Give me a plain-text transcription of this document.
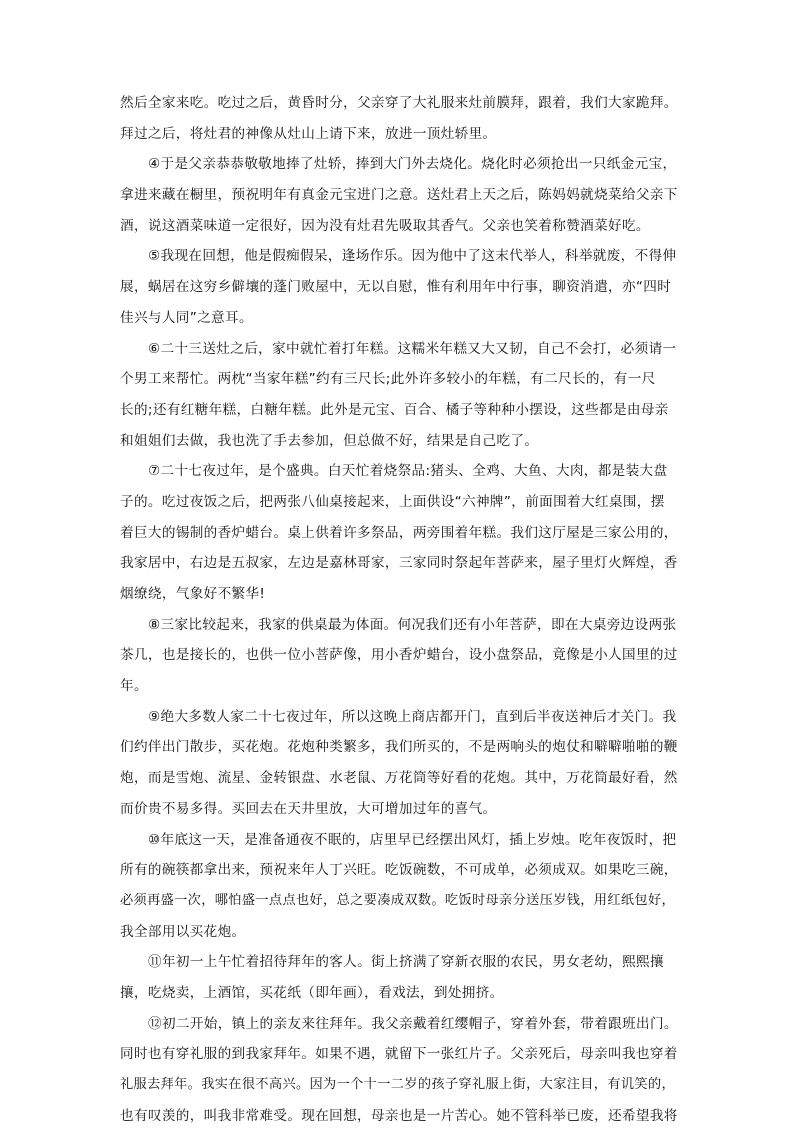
然后全家来吃。吃过之后，黄昏时分，父亲穿了大礼服来灶前膜拜，跟着，我们大家跪拜。
拜过之后，将灶君的神像从灶山上请下来，放进一顶灶轿里。
④于是父亲恭恭敬敬地捧了灶轿，捧到大门外去烧化。烧化时必须抢出一只纸金元宝，
拿进来藏在橱里，预祝明年有真金元宝进门之意。送灶君上天之后，陈妈妈就烧菜给父亲下
酒，说这酒菜味道一定很好，因为没有灶君先吸取其香气。父亲也笑着称赞酒菜好吃。
⑤我现在回想，他是假痴假呆，逢场作乐。因为他中了这末代举人，科举就废，不得伸
展，蜗居在这穷乡僻壤的蓬门败屋中，无以自慰，惟有利用年中行事，聊资消遣，亦“四时
佳兴与人同”之意耳。
⑥二十三送灶之后，家中就忙着打年糕。这糯米年糕又大又韧，自己不会打，必须请一
个男工来帮忙。两枕“当家年糕”约有三尺长;此外许多较小的年糕，有二尺长的，有一尺
长的;还有红糖年糕，白糖年糕。此外是元宝、百合、橘子等种种小摆设，这些都是由母亲
和姐姐们去做，我也洗了手去参加，但总做不好，结果是自己吃了。
⑦二十七夜过年，是个盛典。白天忙着烧祭品:猪头、全鸡、大鱼、大肉，都是装大盘
子的。吃过夜饭之后，把两张八仙桌接起来，上面供设“六神牌”，前面围着大红桌围，摆
着巨大的锡制的香炉蜡台。桌上供着许多祭品，两旁围着年糕。我们这厅屋是三家公用的，
我家居中，右边是五叔家，左边是嘉林哥家，三家同时祭起年菩萨来，屋子里灯火辉煌，香
烟缭绕，气象好不繁华!
⑧三家比较起来，我家的供桌最为体面。何况我们还有小年菩萨，即在大桌旁边设两张
茶几，也是接长的，也供一位小菩萨像，用小香炉蜡台，设小盘祭品，竟像是小人国里的过
年。
⑨绝大多数人家二十七夜过年，所以这晚上商店都开门，直到后半夜送神后才关门。我
们约伴出门散步，买花炮。花炮种类繁多，我们所买的，不是两响头的炮仗和噼噼啪啪的鞭
炮，而是雪炮、流星、金转银盘、水老鼠、万花筒等好看的花炮。其中，万花筒最好看，然
而价贵不易多得。买回去在天井里放，大可增加过年的喜气。
⑩年底这一天，是准备通夜不眠的，店里早已经摆出风灯，插上岁烛。吃年夜饭时，把
所有的碗筷都拿出来，预祝来年人丁兴旺。吃饭碗数，不可成单，必须成双。如果吃三碗，
必须再盛一次，哪怕盛一点点也好，总之要凑成双数。吃饭时母亲分送压岁钱，用红纸包好，
我全部用以买花炮。
⑪年初一上午忙着招待拜年的客人。街上挤满了穿新衣服的农民，男女老幼，熙熙攘
攘，吃烧卖，上酒馆，买花纸（即年画），看戏法，到处拥挤。
⑫初二开始，镇上的亲友来往拜年。我父亲戴着红缨帽子，穿着外套，带着跟班出门。
同时也有穿礼服的到我家拜年。如果不遇，就留下一张红片子。父亲死后，母亲叫我也穿着
礼服去拜年。我实在很不高兴。因为一个十一二岁的孩子穿礼服上街，大家注目，有讥笑的，
也有叹羡的，叫我非常难受。现在回想，母亲也是一片苦心。她不管科举已废，还希望我将
